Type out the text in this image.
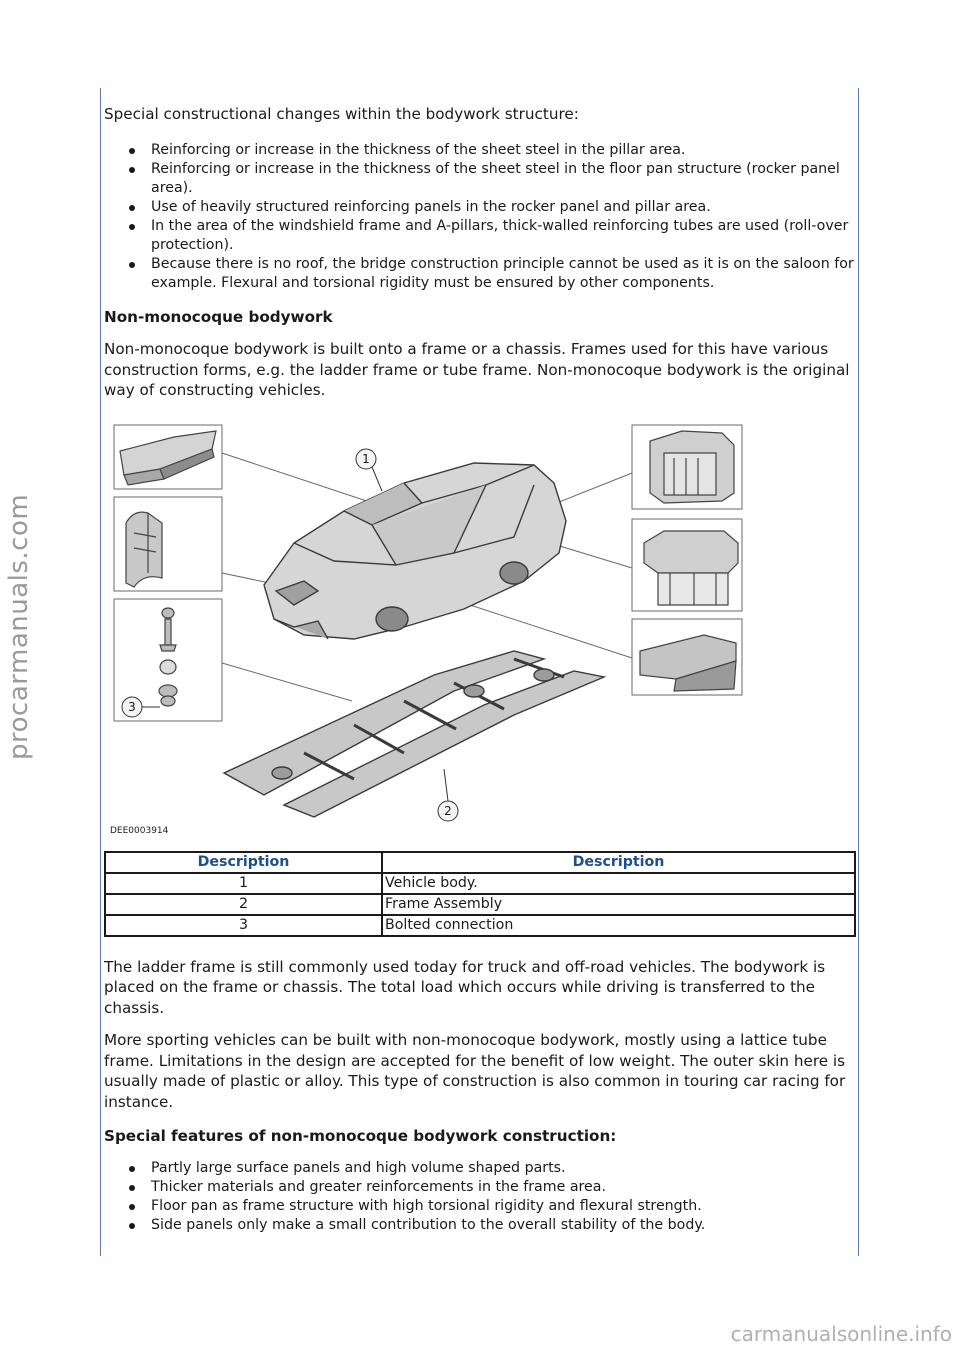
Special constructional changes within the bodywork structure:

Reinforcing or increase in the thickness of the sheet steel in the pillar area.
Reinforcing or increase in the thickness of the sheet steel in the floor pan structure (rocker panel area).
Use of heavily structured reinforcing panels in the rocker panel and pillar area.
In the area of the windshield frame and A-pillars, thick-walled reinforcing tubes are used (roll-over protection).
Because there is no roof, the bridge construction principle cannot be used as it is on the saloon for example. Flexural and torsional rigidity must be ensured by other components.
Non-monocoque bodywork

Non-monocoque bodywork is built onto a frame or a chassis. Frames used for this have various construction forms, e.g. the ladder frame or tube frame. Non-monocoque bodywork is the original way of constructing vehicles.

1
2
3
DEE0003914
Description	Description
1	Vehicle body.
2	Frame Assembly
3	Bolted connection

The ladder frame is still commonly used today for truck and off-road vehicles. The bodywork is placed on the frame or chassis. The total load which occurs while driving is transferred to the chassis.

More sporting vehicles can be built with non-monocoque bodywork, mostly using a lattice tube frame. Limitations in the design are accepted for the benefit of low weight. The outer skin here is usually made of plastic or alloy. This type of construction is also common in touring car racing for instance.

Special features of non-monocoque bodywork construction:
Partly large surface panels and high volume shaped parts.
Thicker materials and greater reinforcements in the frame area.
Floor pan as frame structure with high torsional rigidity and flexural strength.
Side panels only make a small contribution to the overall stability of the body.
procarmanuals.com
carmanualsonline.info
